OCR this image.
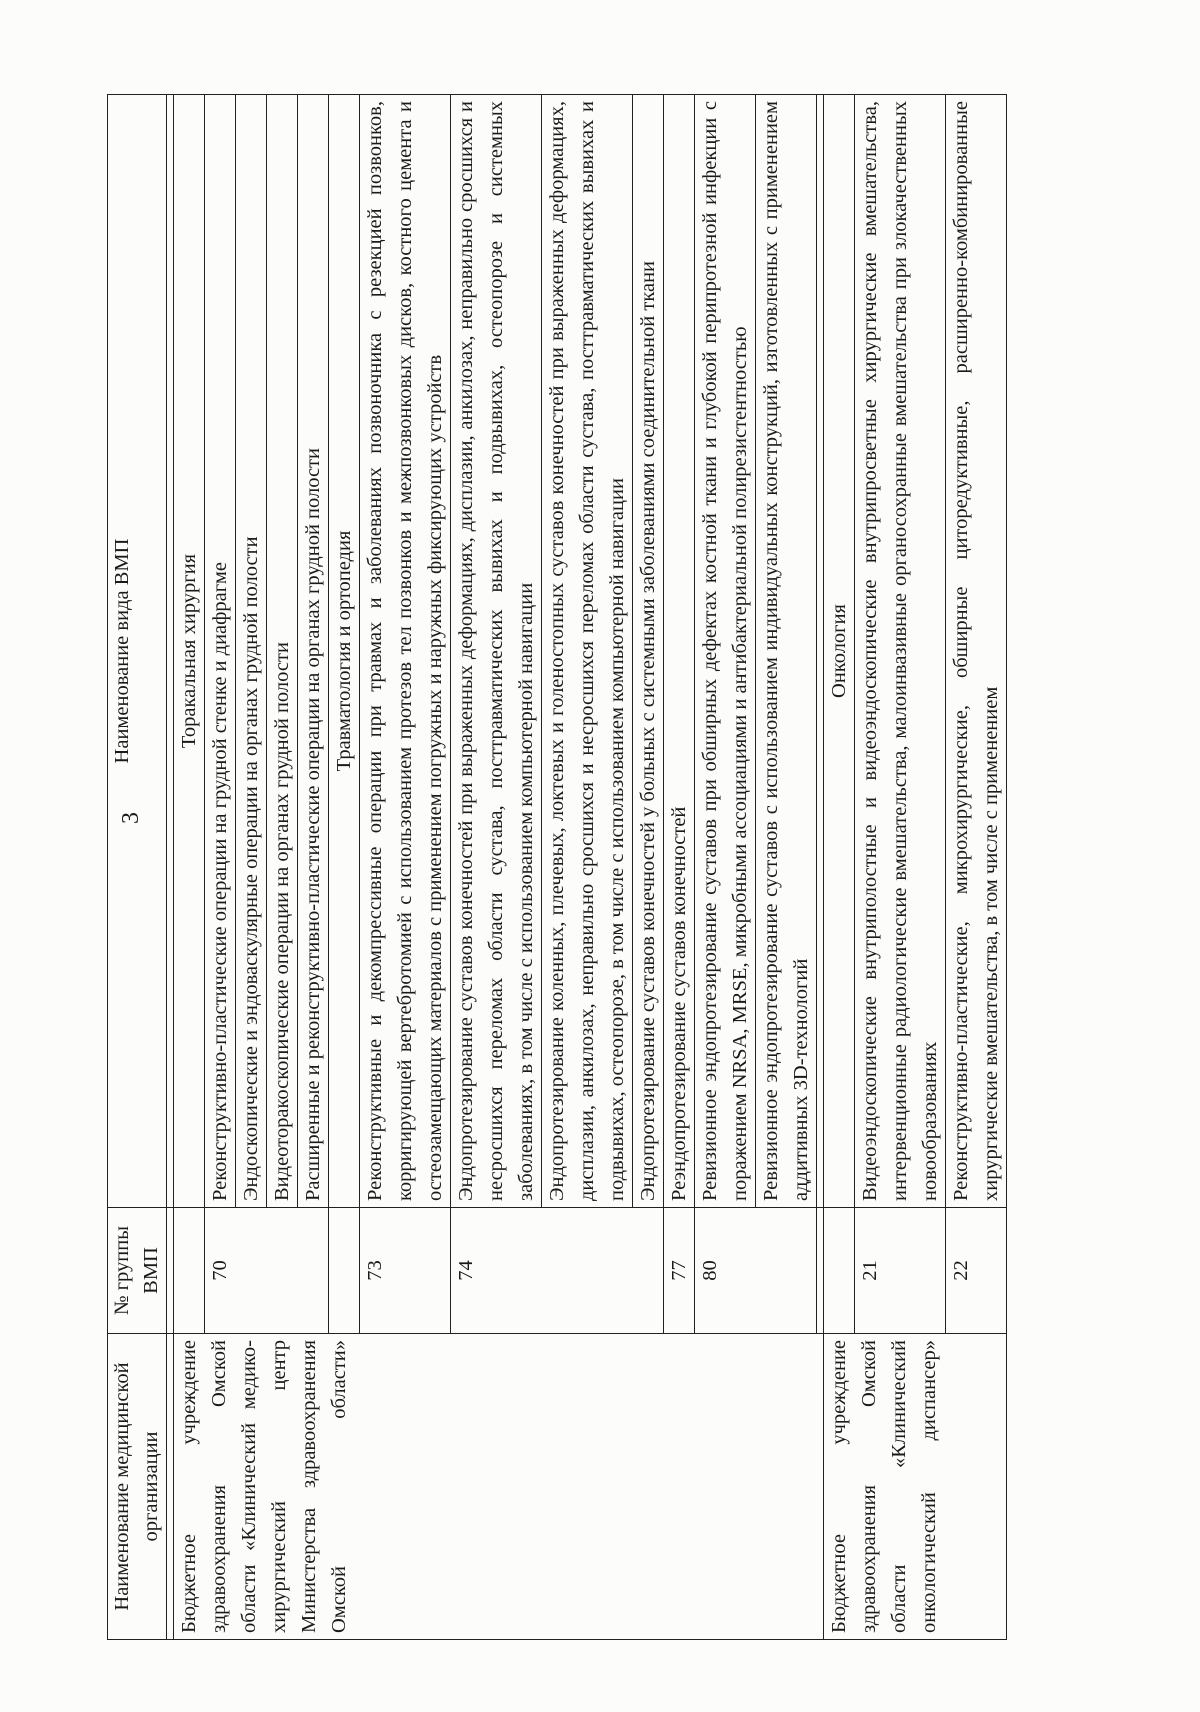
3
Наименование медицинской организации	№ группы ВМП	Наименование вида ВМП

Бюджетное учреждение здравоохранения Омской области «Клинический медико-хирургический центр Министерства здравоохранения Омской области»		Торакальная хирургия
	70	Реконструктивно-пластические операции на грудной стенке и диафрагме
		Эндоскопические и эндоваскулярные операции на органах грудной полости
		Видеоторакоскопические операции на органах грудной полости
		Расширенные и реконструктивно-пластические операции на органах грудной полости
		Травматология и ортопедия
	73	Реконструктивные и декомпрессивные операции при травмах и заболеваниях позвоночника с резекцией позвонков, корригирующей вертебротомией с использованием протезов тел позвонков и межпозвонковых дисков, костного цемента и остеозамещающих материалов с применением погружных и наружных фиксирующих устройств
	74	Эндопротезирование суставов конечностей при выраженных деформациях, дисплазии, анкилозах, неправильно сросшихся и несросшихся переломах области сустава, посттравматических вывихах и подвывихах, остеопорозе и системных заболеваниях, в том числе с использованием компьютерной навигации
		Эндопротезирование коленных, плечевых, локтевых и голеностопных суставов конечностей при выраженных деформациях, дисплазии, анкилозах, неправильно сросшихся и несросшихся переломах области сустава, посттравматических вывихах и подвывихах, остеопорозе, в том числе с использованием компьютерной навигации
		Эндопротезирование суставов конечностей у больных с системными заболеваниями соединительной ткани
	77	Реэндопротезирование суставов конечностей
	80	Ревизионное эндопротезирование суставов при обширных дефектах костной ткани и глубокой перипротезной инфекции с поражением NRSA, MRSE, микробными ассоциациями и антибактериальной полирезистентностью
		Ревизионное эндопротезирование суставов с использованием индивидуальных конструкций, изготовленных с применением аддитивных 3D-технологий

Бюджетное учреждение здравоохранения Омской области «Клинический онкологический диспансер»		Онкология
	21	Видеоэндоскопические внутриполостные и видеоэндоскопические внутрипросветные хирургические вмешательства, интервенционные радиологические вмешательства, малоинвазивные органосохранные вмешательства при злокачественных новообразованиях
	22	Реконструктивно-пластические, микрохирургические, обширные циторедуктивные, расширенно-комбинированные хирургические вмешательства, в том числе с применением
